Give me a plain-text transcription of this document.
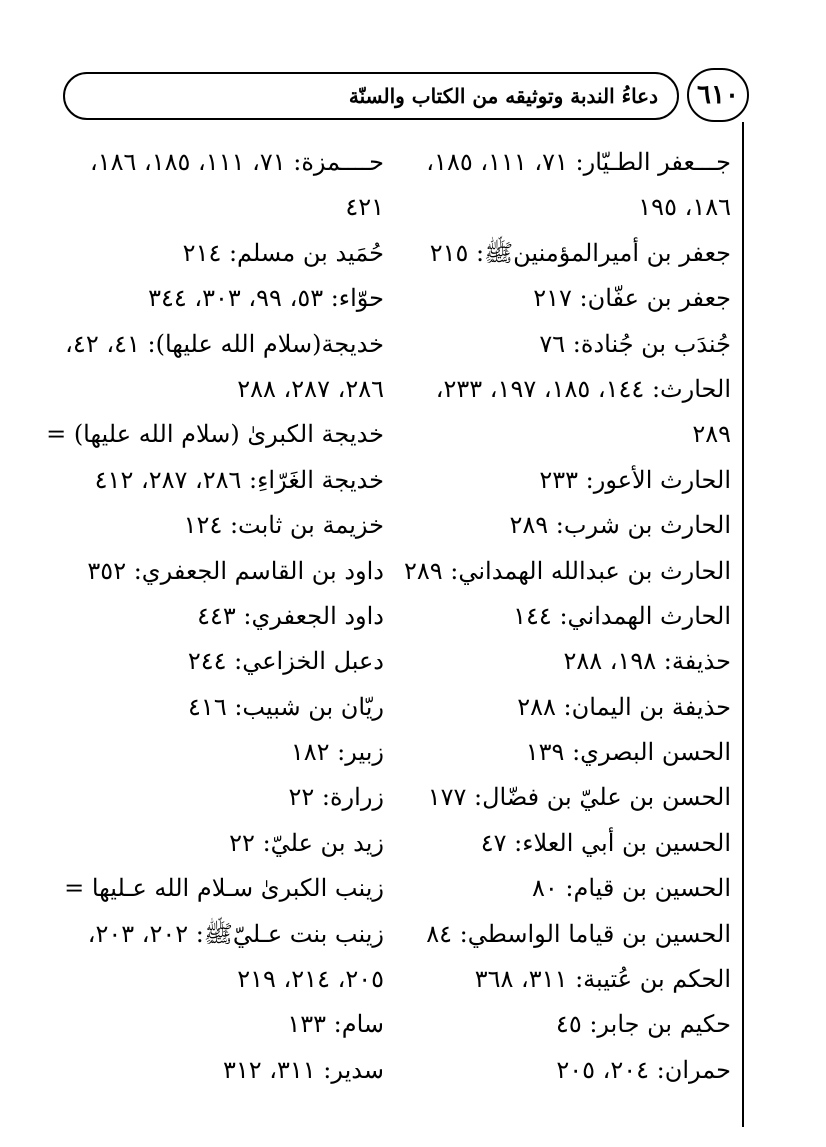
دعاءُ الندبة وتوثيقه من الكتاب والسنّة	٦١٠
جـــعفر الطـيّار: ٧١، ١١١، ١٨٥،
١٨٦، ١٩٥
جعفر بن أميرالمؤمنينﷺ: ٢١٥
جعفر بن عفّان: ٢١٧
جُندَب بن جُنادة: ٧٦
الحارث: ١٤٤، ١٨٥، ١٩٧، ٢٣٣،
٢٨٩
الحارث الأعور: ٢٣٣
الحارث بن شرب: ٢٨٩
الحارث بن عبدالله الهمداني: ٢٨٩
الحارث الهمداني: ١٤٤
حذيفة: ١٩٨، ٢٨٨
حذيفة بن اليمان: ٢٨٨
الحسن البصري: ١٣٩
الحسن بن عليّ بن فضّال: ١٧٧
الحسين بن أبي العلاء: ٤٧
الحسين بن قيام: ٨٠
الحسين بن قياما الواسطي: ٨٤
الحكم بن عُتيبة: ٣١١، ٣٦٨
حكيم بن جابر: ٤٥
حمران: ٢٠٤، ٢٠٥
حــــمزة: ٧١، ١١١، ١٨٥، ١٨٦،
٤٢١
حُمَيد بن مسلم: ٢١٤
حوّاء: ٥٣، ٩٩، ٣٠٣، ٣٤٤
خديجة(سلام الله عليها): ٤١، ٤٢،
٢٨٦، ٢٨٧، ٢٨٨
خديجة الكبرىٰ (سلام الله عليها) =
خديجة الغَرّاءِ: ٢٨٦، ٢٨٧، ٤١٢
خزيمة بن ثابت: ١٢٤
داود بن القاسم الجعفري: ٣٥٢
داود الجعفري: ٤٤٣
دعبل الخزاعي: ٢٤٤
ريّان بن شبيب: ٤١٦
زبير: ١٨٢
زرارة: ٢٢
زيد بن عليّ: ٢٢
زينب الكبرىٰ سـلام الله عـليها =
زينب بنت عـليّﷺ: ٢٠٢، ٢٠٣،
٢٠٥، ٢١٤، ٢١٩
سام: ١٣٣
سدير: ٣١١، ٣١٢
